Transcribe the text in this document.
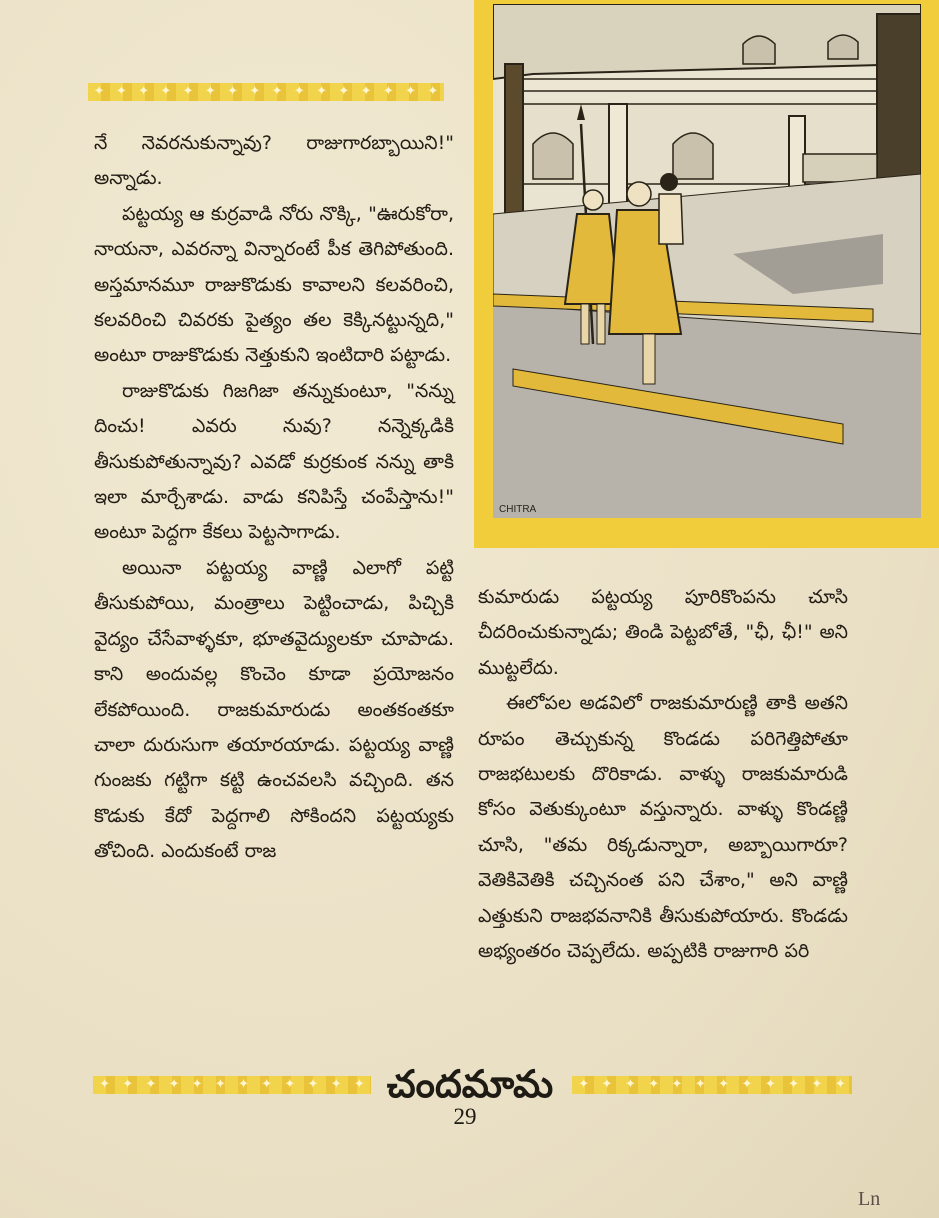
✦ ✦ ✦ ✦ ✦ ✦ ✦ ✦ ✦ ✦ ✦ ✦ ✦ ✦ ✦ ✦

నే నెవరనుకున్నావు? రాజుగారబ్బాయిని!" అన్నాడు.

పట్టయ్య ఆ కుర్రవాడి నోరు నొక్కి, "ఊరుకోరా, నాయనా, ఎవరన్నా విన్నారంటే పీక తెగిపోతుంది. అస్తమానమూ రాజుకొడుకు కావాలని కలవరించి, కలవరించి చివరకు పైత్యం తల కెక్కినట్టున్నది," అంటూ రాజుకొడుకు నెత్తుకుని ఇంటిదారి పట్టాడు.

రాజుకొడుకు గిజగిజా తన్నుకుంటూ, "నన్ను దించు! ఎవరు నువు? నన్నెక్కడికి తీసుకుపోతున్నావు? ఎవడో కుర్రకుంక నన్ను తాకి ఇలా మార్చేశాడు. వాడు కనిపిస్తే చంపేస్తాను!" అంటూ పెద్దగా కేకలు పెట్టసాగాడు.

అయినా పట్టయ్య వాణ్ణి ఎలాగో పట్టి తీసుకుపోయి, మంత్రాలు పెట్టించాడు, పిచ్చికి వైద్యం చేసేవాళ్ళకూ, భూతవైద్యులకూ చూపాడు. కాని అందువల్ల కొంచెం కూడా ప్రయోజనం లేకపోయింది. రాజకుమారుడు అంతకంతకూ చాలా దురుసుగా తయారయాడు. పట్టయ్య వాణ్ణి గుంజకు గట్టిగా కట్టి ఉంచవలసి వచ్చింది. తన కొడుకు కేదో పెద్దగాలి సోకిందని పట్టయ్యకు తోచింది. ఎందుకంటే రాజ

CHITRA

కుమారుడు పట్టయ్య పూరికొంపను చూసి చీదరించుకున్నాడు; తిండి పెట్టబోతే, "ఛీ, ఛీ!" అని ముట్టలేదు.

ఈలోపల అడవిలో రాజకుమారుణ్ణి తాకి అతని రూపం తెచ్చుకున్న కొండడు పరిగెత్తిపోతూ రాజభటులకు దొరికాడు. వాళ్ళు రాజకుమారుడి కోసం వెతుక్కుంటూ వస్తున్నారు. వాళ్ళు కొండణ్ణి చూసి, "తమ రిక్కడున్నారా, అబ్బాయిగారూ? వెతికివెతికి చచ్చినంత పని చేశాం," అని వాణ్ణి ఎత్తుకుని రాజభవనానికి తీసుకుపోయారు. కొండడు అభ్యంతరం చెప్పలేదు. అప్పటికి రాజుగారి పరి

✦ ✦ ✦ ✦ ✦ ✦ ✦ ✦ ✦ ✦ ✦ ✦ చందమామ	✦ ✦ ✦ ✦ ✦ ✦ ✦ ✦ ✦ ✦ ✦ ✦
29
Ln
